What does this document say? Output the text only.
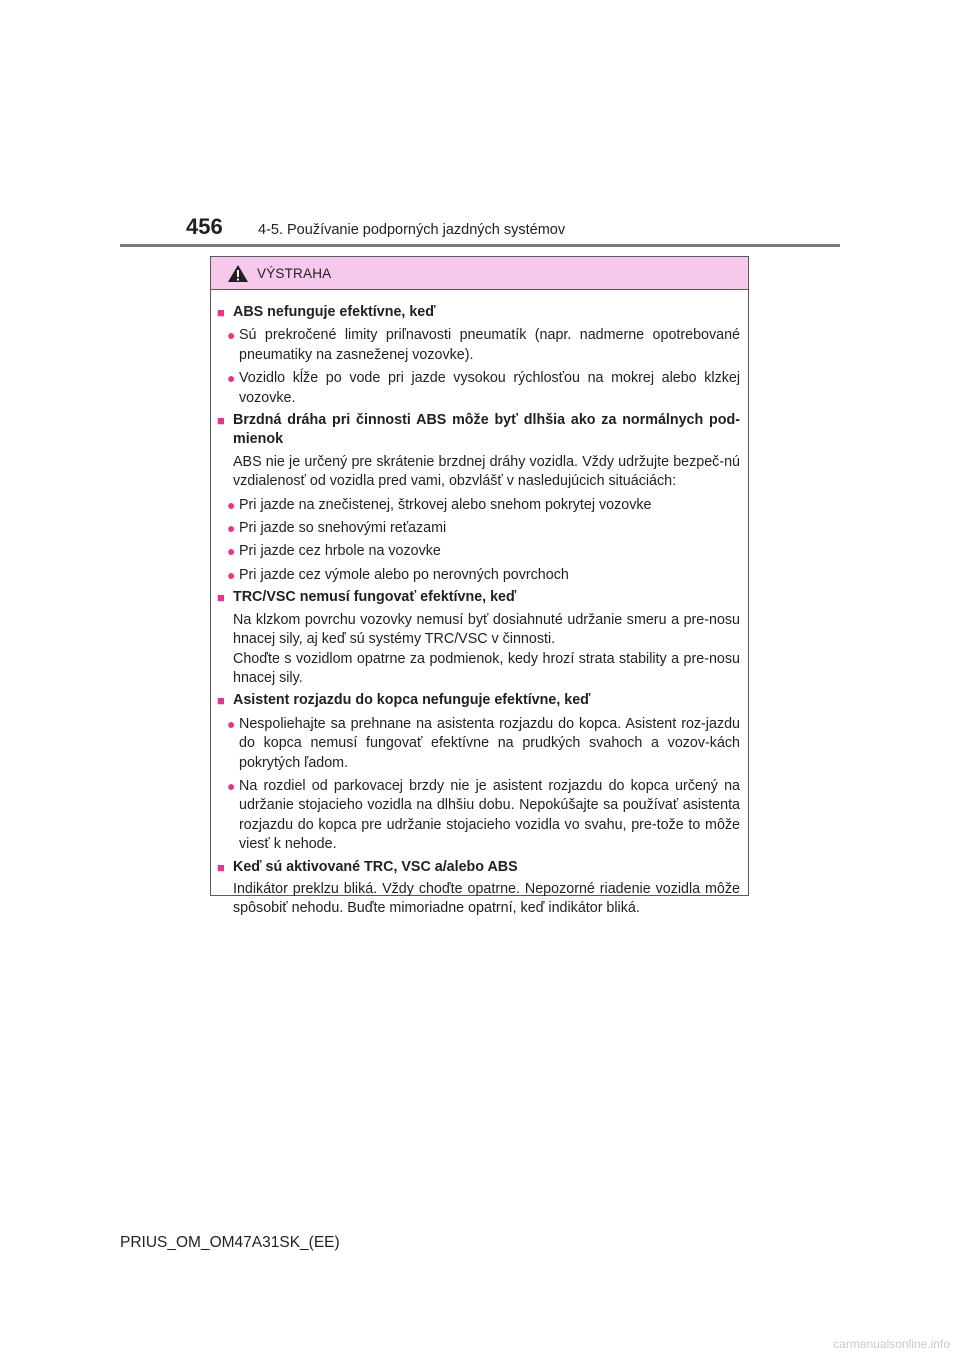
456 4-5. Používanie podporných jazdných systémov
VÝSTRAHA
■ ABS nefunguje efektívne, keď
● Sú prekročené limity priľnavosti pneumatík (napr. nadmerne opotrebované pneumatiky na zasneženej vozovke).
● Vozidlo kĺže po vode pri jazde vysokou rýchlosťou na mokrej alebo klzkej vozovke.
■ Brzdná dráha pri činnosti ABS môže byť dlhšia ako za normálnych pod-mienok
ABS nie je určený pre skrátenie brzdnej dráhy vozidla. Vždy udržujte bezpeč-nú vzdialenosť od vozidla pred vami, obzvlášť v nasledujúcich situáciách:
● Pri jazde na znečistenej, štrkovej alebo snehom pokrytej vozovke
● Pri jazde so snehovými reťazami
● Pri jazde cez hrbole na vozovke
● Pri jazde cez výmole alebo po nerovných povrchoch
■ TRC/VSC nemusí fungovať efektívne, keď
Na klzkom povrchu vozovky nemusí byť dosiahnuté udržanie smeru a pre-nosu hnacej sily, aj keď sú systémy TRC/VSC v činnosti.
Choďte s vozidlom opatrne za podmienok, kedy hrozí strata stability a pre-nosu hnacej sily.
■ Asistent rozjazdu do kopca nefunguje efektívne, keď
● Nespoliehajte sa prehnane na asistenta rozjazdu do kopca. Asistent roz-jazdu do kopca nemusí fungovať efektívne na prudkých svahoch a vozov-kách pokrytých ľadom.
● Na rozdiel od parkovacej brzdy nie je asistent rozjazdu do kopca určený na udržanie stojacieho vozidla na dlhšiu dobu. Nepokúšajte sa používať asistenta rozjazdu do kopca pre udržanie stojacieho vozidla vo svahu, pre-tože to môže viesť k nehode.
■ Keď sú aktivované TRC, VSC a/alebo ABS
Indikátor preklzu bliká. Vždy choďte opatrne. Nepozorné riadenie vozidla môže spôsobiť nehodu. Buďte mimoriadne opatrní, keď indikátor bliká.
PRIUS_OM_OM47A31SK_(EE)
carmanualsonline.info
